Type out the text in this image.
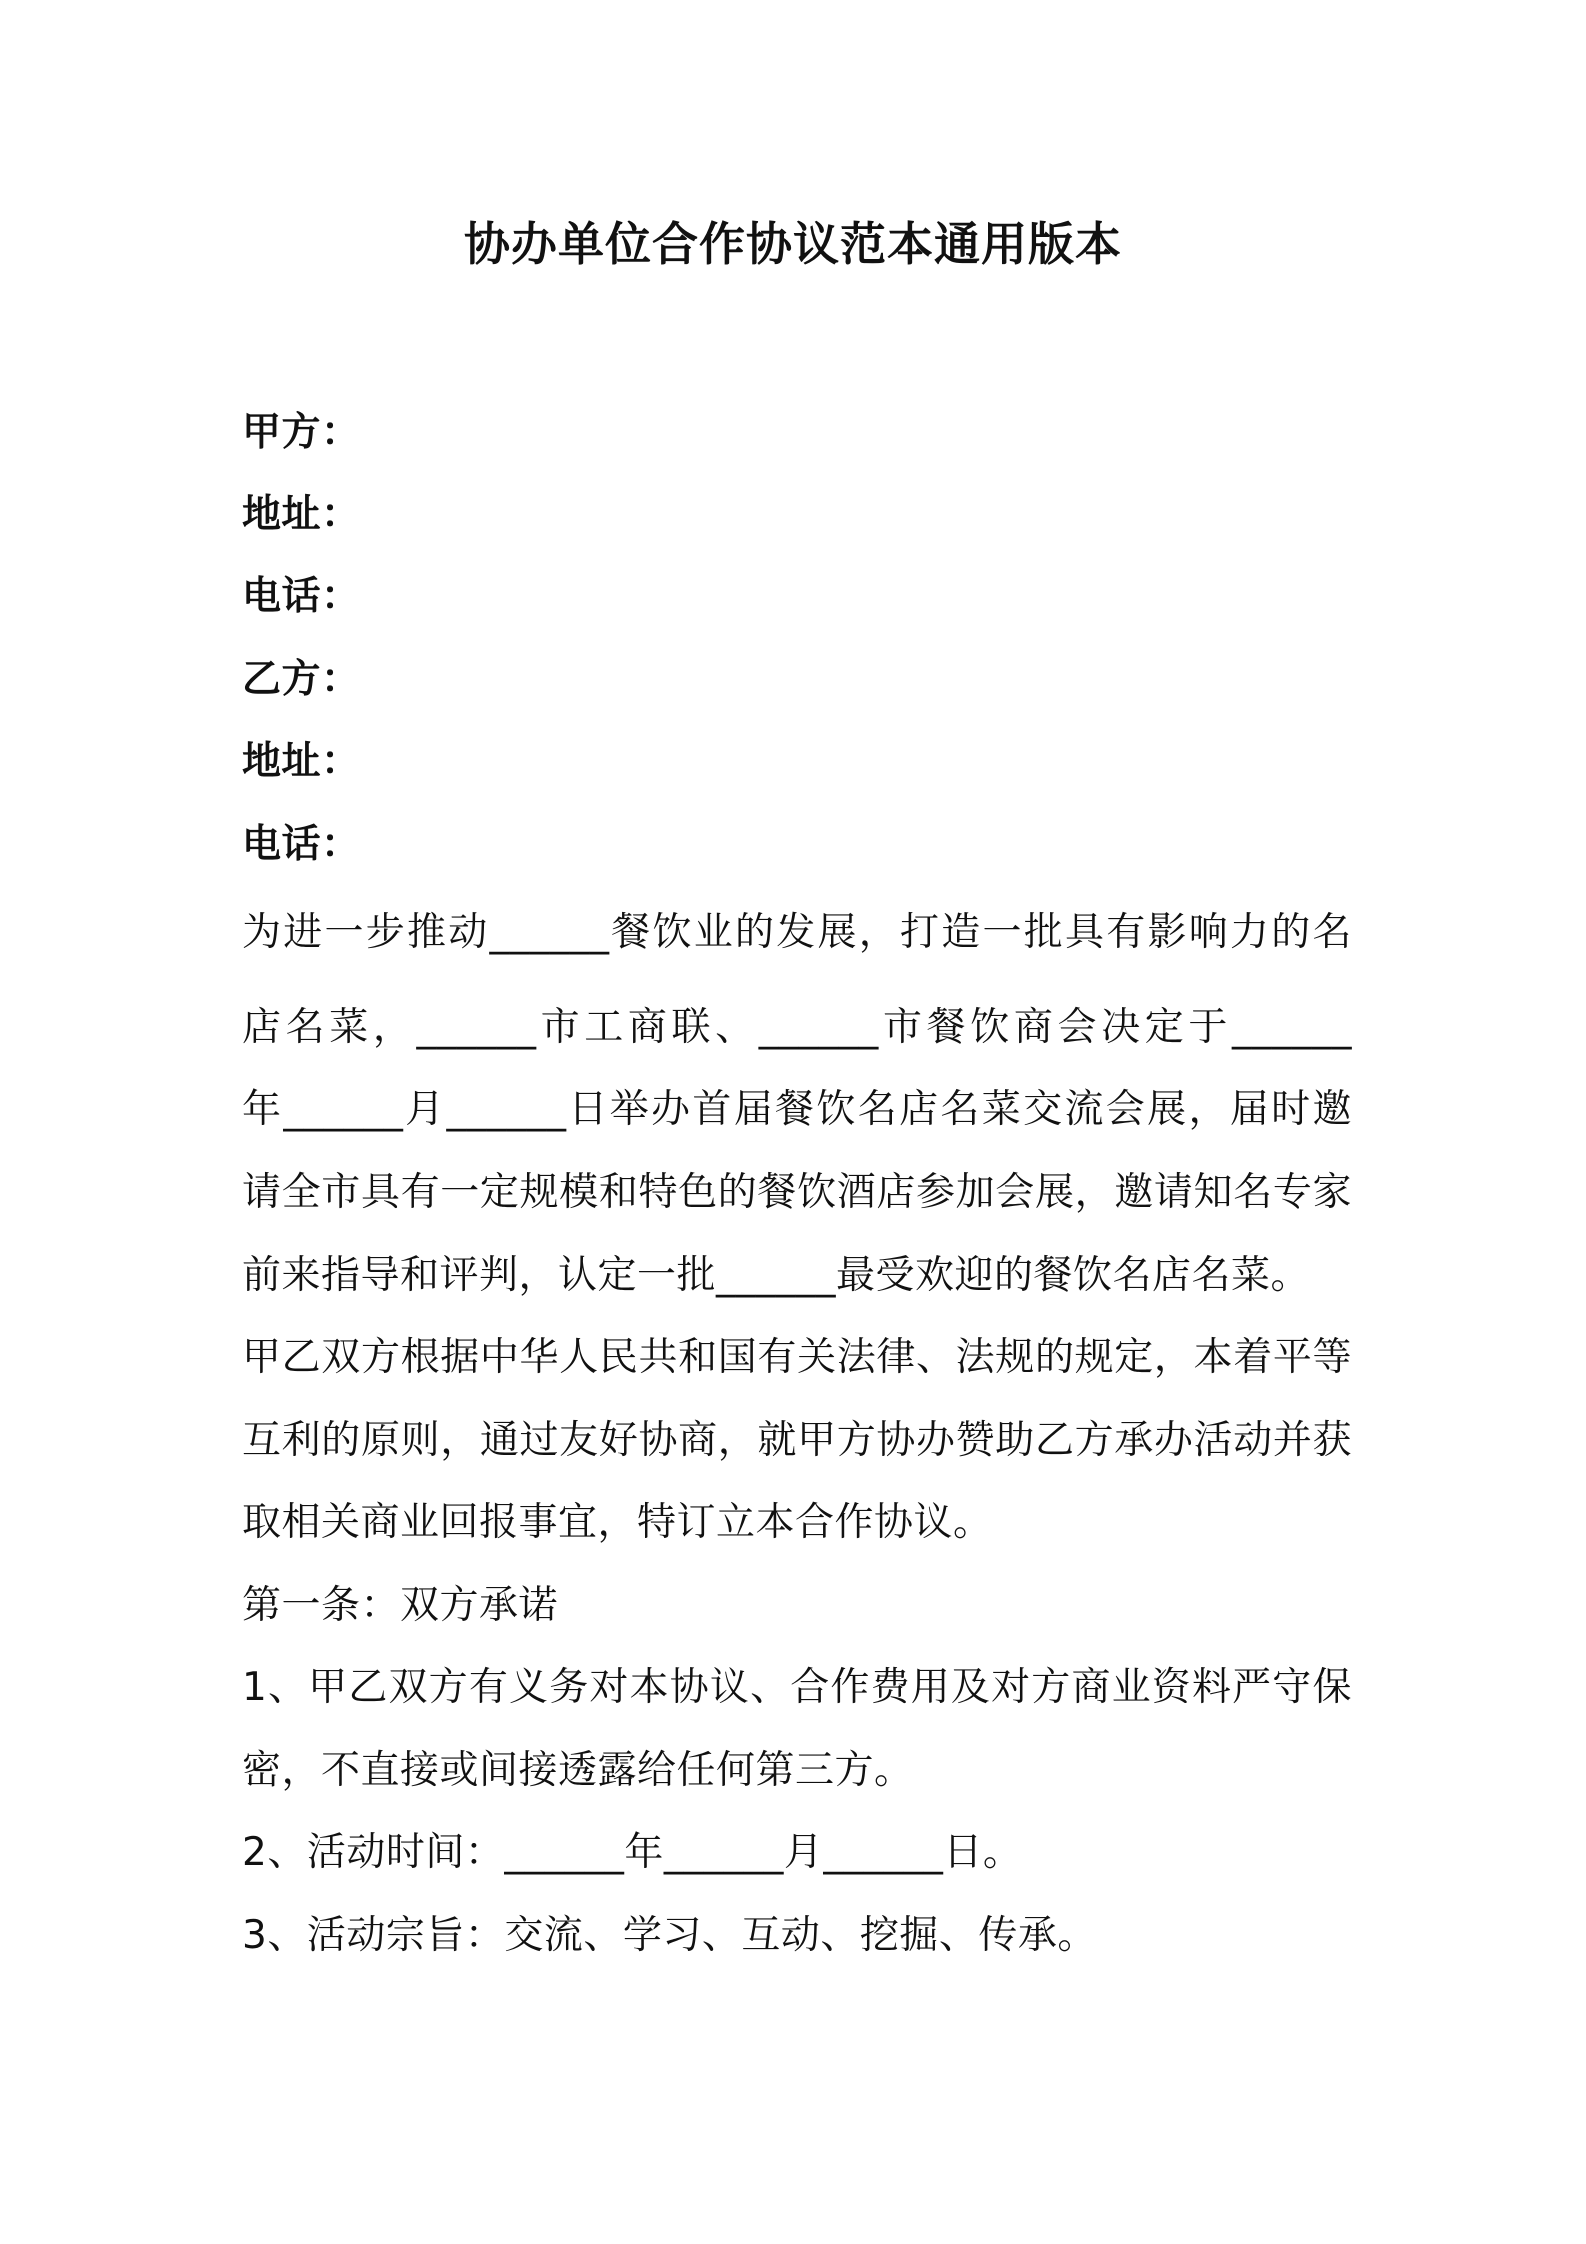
协办单位合作协议范本通用版本
甲方：
地址：
电话：
乙方：
地址：
电话：
为进一步推动______餐饮业的发展，打造一批具有影响力的名
店名菜，______市工商联、______市餐饮商会决定于______
年______月______日举办首届餐饮名店名菜交流会展，届时邀
请全市具有一定规模和特色的餐饮酒店参加会展，邀请知名专家
前来指导和评判，认定一批______最受欢迎的餐饮名店名菜。
甲乙双方根据中华人民共和国有关法律、法规的规定，本着平等
互利的原则，通过友好协商，就甲方协办赞助乙方承办活动并获
取相关商业回报事宜，特订立本合作协议。
第一条：双方承诺
1、甲乙双方有义务对本协议、合作费用及对方商业资料严守保
密，不直接或间接透露给任何第三方。
2、活动时间：______年______月______日。
3、活动宗旨：交流、学习、互动、挖掘、传承。
